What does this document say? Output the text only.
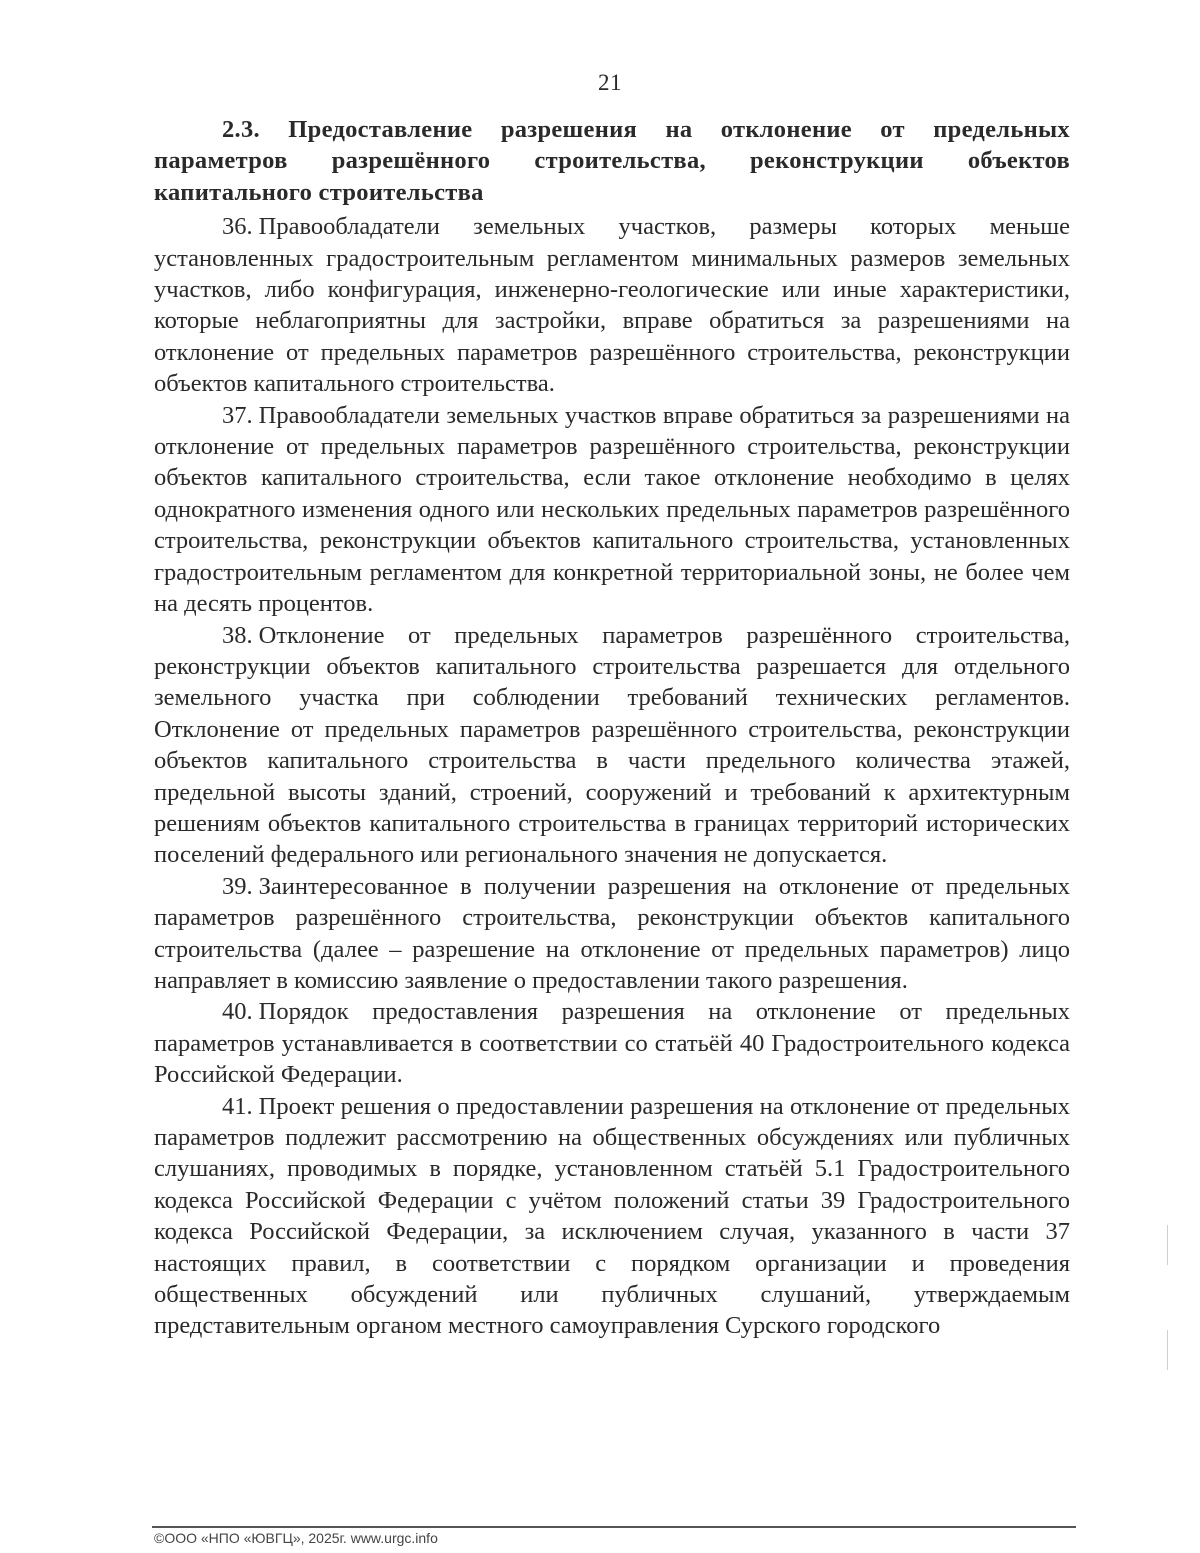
21

2.3. Предоставление разрешения на отклонение от предельных параметров разрешённого строительства, реконструкции объектов капитального строительства

36. Правообладатели земельных участков, размеры которых меньше установленных градостроительным регламентом минимальных размеров земельных участков, либо конфигурация, инженерно-геологические или иные характеристики, которые неблагоприятны для застройки, вправе обратиться за разрешениями на отклонение от предельных параметров разрешённого строительства, реконструкции объектов капитального строительства.

37. Правообладатели земельных участков вправе обратиться за разрешениями на отклонение от предельных параметров разрешённого строительства, реконструкции объектов капитального строительства, если такое отклонение необходимо в целях однократного изменения одного или нескольких предельных параметров разрешённого строительства, реконструкции объектов капитального строительства, установленных градостроительным регламентом для конкретной территориальной зоны, не более чем на десять процентов.

38. Отклонение от предельных параметров разрешённого строительства, реконструкции объектов капитального строительства разрешается для отдельного земельного участка при соблюдении требований технических регламентов. Отклонение от предельных параметров разрешённого строительства, реконструкции объектов капитального строительства в части предельного количества этажей, предельной высоты зданий, строений, сооружений и требований к архитектурным решениям объектов капитального строительства в границах территорий исторических поселений федерального или регионального значения не допускается.

39. Заинтересованное в получении разрешения на отклонение от предельных параметров разрешённого строительства, реконструкции объектов капитального строительства (далее – разрешение на отклонение от предельных параметров) лицо направляет в комиссию заявление о предоставлении такого разрешения.

40. Порядок предоставления разрешения на отклонение от предельных параметров устанавливается в соответствии со статьёй 40 Градостроительного кодекса Российской Федерации.

41. Проект решения о предоставлении разрешения на отклонение от предельных параметров подлежит рассмотрению на общественных обсуждениях или публичных слушаниях, проводимых в порядке, установленном статьёй 5.1 Градостроительного кодекса Российской Федерации с учётом положений статьи 39 Градостроительного кодекса Российской Федерации, за исключением случая, указанного в части 37 настоящих правил, в соответствии с порядком организации и проведения общественных обсуждений или публичных слушаний, утверждаемым представительным органом местного самоуправления Сурского городского

©ООО «НПО «ЮВГЦ», 2025г. www.urgc.info
